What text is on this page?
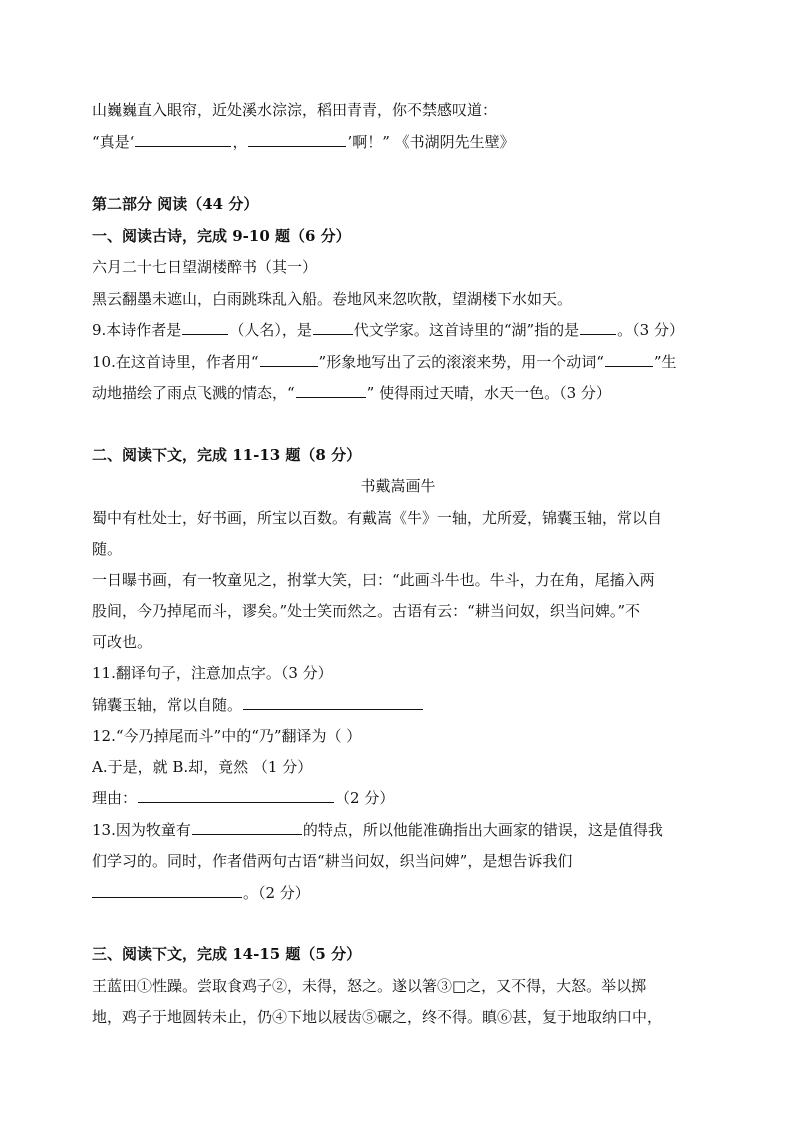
山巍巍直入眼帘，近处溪水淙淙，稻田青青，你不禁感叹道：
“真是‘	，	’啊！” 《书湖阴先生壁》
第二部分 阅读（44 分）
一、阅读古诗，完成 9-10 题（6 分）
六月二十七日望湖楼醉书（其一）
黑云翻墨未遮山，白雨跳珠乱入船。卷地风来忽吹散，望湖楼下水如天。
9.本诗作者是	（人名），是	代文学家。这首诗里的“湖”指的是	。（3 分）
10.在这首诗里，作者用“	”形象地写出了云的滚滚来势，用一个动词“	”生
动地描绘了雨点飞溅的情态，“	” 使得雨过天晴，水天一色。（3 分）
二、阅读下文，完成 11-13 题（8 分）
书戴嵩画牛
蜀中有杜处士，好书画，所宝以百数。有戴嵩《牛》一轴，尤所爱，锦囊玉轴，常以自
随。
一日曝书画，有一牧童见之，拊掌大笑，曰：“此画斗牛也。牛斗，力在角，尾搐入两
股间，今乃掉尾而斗，谬矣。”处士笑而然之。古语有云：“耕当问奴，织当问婢。”不
可改也。
11.翻译句子，注意加点字。（3 分）
锦囊玉轴，常以自随。
12.“今乃掉尾而斗”中的“乃”翻译为（ ）
A.于是，就 B.却，竟然 （1 分）
理由：	（2 分）
13.因为牧童有	的特点，所以他能准确指出大画家的错误，这是值得我
们学习的。同时，作者借两句古语“耕当问奴，织当问婢”，是想告诉我们
。（2 分）
三、阅读下文，完成 14-15 题（5 分）
王蓝田①性躁。尝取食鸡子②，未得，怒之。遂以箸③□之，又不得，大怒。举以掷
地，鸡子于地圆转未止，仍④下地以屐齿⑤碾之，终不得。瞋⑥甚，复于地取纳口中，
